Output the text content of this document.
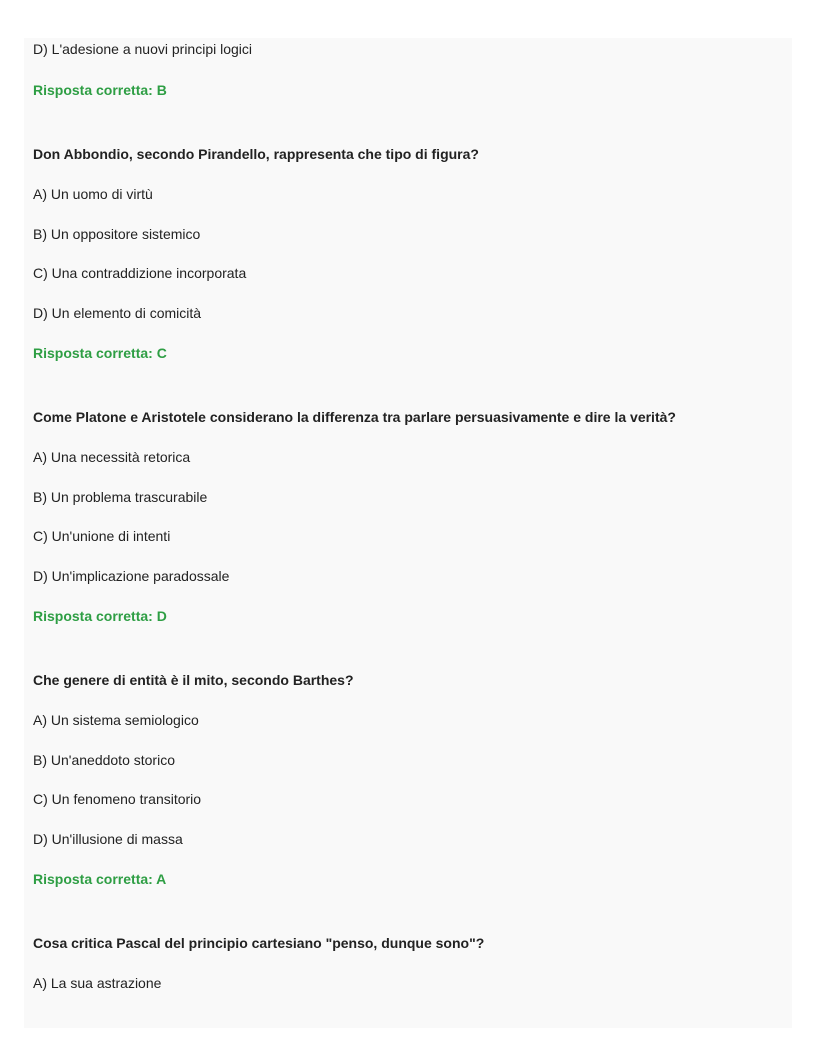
D) L'adesione a nuovi principi logici
Risposta corretta: B
Don Abbondio, secondo Pirandello, rappresenta che tipo di figura?
A) Un uomo di virtù
B) Un oppositore sistemico
C) Una contraddizione incorporata
D) Un elemento di comicità
Risposta corretta: C
Come Platone e Aristotele considerano la differenza tra parlare persuasivamente e dire la verità?
A) Una necessità retorica
B) Un problema trascurabile
C) Un'unione di intenti
D) Un'implicazione paradossale
Risposta corretta: D
Che genere di entità è il mito, secondo Barthes?
A) Un sistema semiologico
B) Un'aneddoto storico
C) Un fenomeno transitorio
D) Un'illusione di massa
Risposta corretta: A
Cosa critica Pascal del principio cartesiano "penso, dunque sono"?
A) La sua astrazione
